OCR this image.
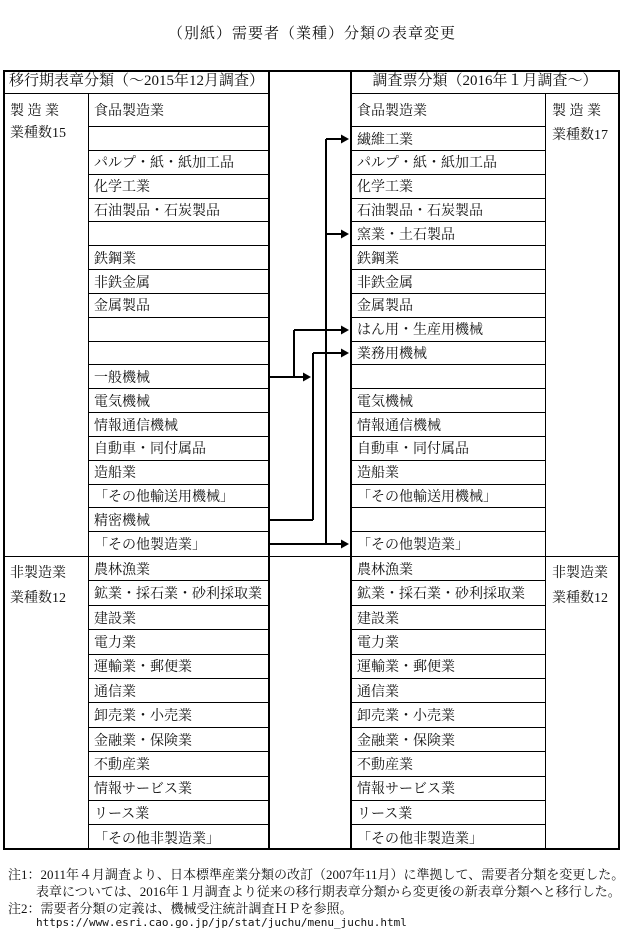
（別紙）需要者（業種）分類の表章変更
移行期表章分類（～2015年12月調査）	調査票分類（2016年１月調査～）
製 造 業
業種数15
製 造 業
業種数17
非製造業
業種数12
非製造業
業種数12
食品製造業
パルプ・紙・紙加工品
化学工業
石油製品・石炭製品
鉄鋼業
非鉄金属
金属製品
一般機械
電気機械
情報通信機械
自動車・同付属品
造船業
「その他輸送用機械」
精密機械
「その他製造業」
食品製造業
繊維工業
パルプ・紙・紙加工品
化学工業
石油製品・石炭製品
窯業・土石製品
鉄鋼業
非鉄金属
金属製品
はん用・生産用機械
業務用機械
電気機械
情報通信機械
自動車・同付属品
造船業
「その他輸送用機械」
「その他製造業」
農林漁業
鉱業・採石業・砂利採取業
建設業
電力業
運輸業・郵便業
通信業
卸売業・小売業
金融業・保険業
不動産業
情報サービス業
リース業
「その他非製造業」
農林漁業
鉱業・採石業・砂利採取業
建設業
電力業
運輸業・郵便業
通信業
卸売業・小売業
金融業・保険業
不動産業
情報サービス業
リース業
「その他非製造業」
注1：2011年４月調査より、日本標準産業分類の改訂（2007年11月）に準拠して、需要者分類を変更した。
表章については、2016年１月調査より従来の移行期表章分類から変更後の新表章分類へと移行した。
注2：需要者分類の定義は、機械受注統計調査ＨＰを参照。
https://www.esri.cao.go.jp/jp/stat/juchu/menu_juchu.html
